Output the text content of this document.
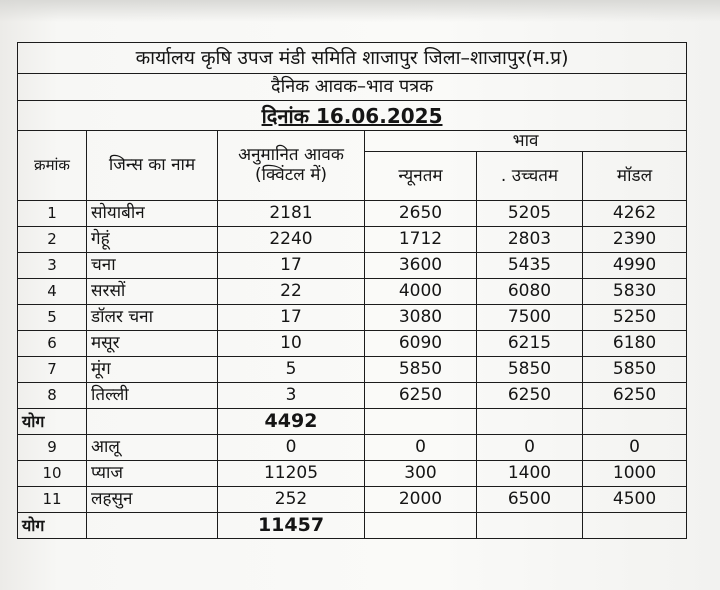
कार्यालय कृषि उपज मंडी समिति शाजापुर जिला–शाजापुर(म.प्र)					
दैनिक आवक–भाव पत्रक					
दिनांक 16.06.2025					
क्रमांक	जिन्स का नाम	अनुमानित आवक (क्विंटल में)	भाव		
			न्यूनतम	. उच्चतम	मॉडल
1	सोयाबीन	2181	2650	5205	4262
2	गेहूं	2240	1712	2803	2390
3	चना	17	3600	5435	4990
4	सरसों	22	4000	6080	5830
5	डॉलर चना	17	3080	7500	5250
6	मसूर	10	6090	6215	6180
7	मूंग	5	5850	5850	5850
8	तिल्ली	3	6250	6250	6250
योग		4492			
9	आलू	0	0	0	0
10	प्याज	11205	300	1400	1000
11	लहसुन	252	2000	6500	4500
योग		11457			
